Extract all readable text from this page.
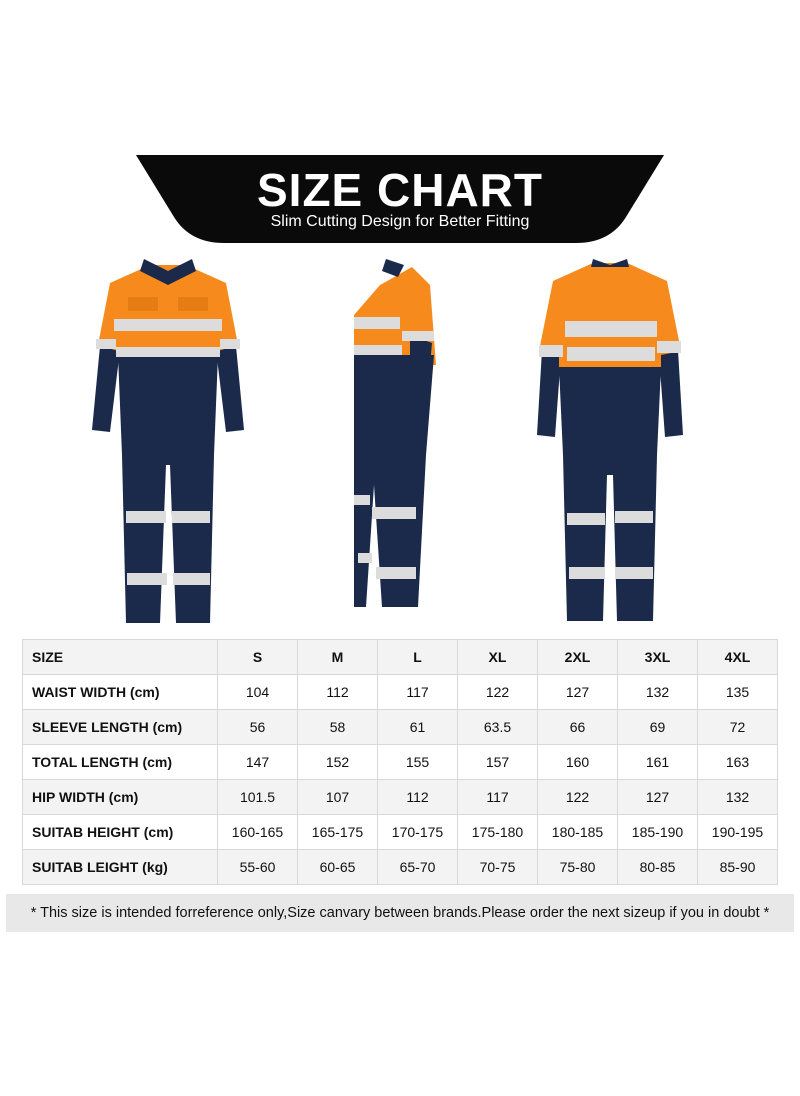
SIZE CHART
Slim Cutting Design for Better Fitting
SIZE	S	M	L	XL	2XL	3XL	4XL
WAIST WIDTH (cm)	104	112	117	122	127	132	135
SLEEVE LENGTH (cm)	56	58	61	63.5	66	69	72
TOTAL LENGTH (cm)	147	152	155	157	160	161	163
HIP WIDTH (cm)	101.5	107	112	117	122	127	132
SUITAB HEIGHT (cm)	160-165	165-175	170-175	175-180	180-185	185-190	190-195
SUITAB LEIGHT (kg)	55-60	60-65	65-70	70-75	75-80	80-85	85-90
* This size is intended forreference only,Size canvary between brands.Please order the next sizeup if you in doubt *
